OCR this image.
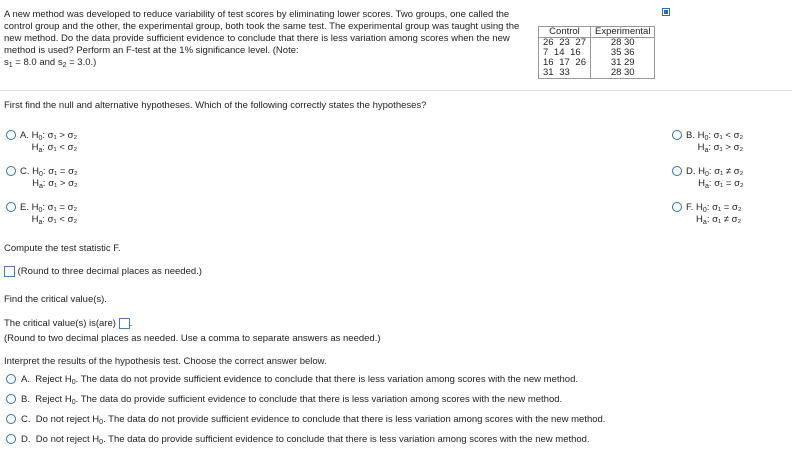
A new method was developed to reduce variability of test scores by eliminating lower scores. Two groups, one called the control group and the other, the experimental group, both took the same test. The experimental group was taught using the new method. Do the data provide sufficient evidence to conclude that there is less variation among scores when the new method is used? Perform an F-test at the 1% significance level. (Note:
$s_1 = 8.0$ and $s_2 = 3.0$.)
Control	Experimental
26 23 27	28 30
7 14 16	35 36
16 17 26	31 29
31 33	28 30
First find the null and alternative hypotheses. Which of the following correctly states the hypotheses?
A. $H_0$: σ₁ > σ₂
$H_a$: σ₁ < σ₂
B. $H_0$: σ₁ < σ₂
$H_a$: σ₁ > σ₂
C. $H_0$: σ₁ = σ₂
$H_a$: σ₁ > σ₂
D. $H_0$: σ₁ ≠ σ₂
$H_a$: σ₁ = σ₂
E. $H_0$: σ₁ = σ₂
$H_a$: σ₁ < σ₂
F. $H_0$: σ₁ = σ₂
$H_a$: σ₁ ≠ σ₂
Compute the test statistic F.
(Round to three decimal places as needed.)
Find the critical value(s).
The critical value(s) is(are) .
(Round to two decimal places as needed. Use a comma to separate answers as needed.)
Interpret the results of the hypothesis test. Choose the correct answer below.
A. Reject $H_0$. The data do not provide sufficient evidence to conclude that there is less variation among scores with the new method.
B. Reject $H_0$. The data do provide sufficient evidence to conclude that there is less variation among scores with the new method.
C. Do not reject $H_0$. The data do not provide sufficient evidence to conclude that there is less variation among scores with the new method.
D. Do not reject $H_0$. The data do provide sufficient evidence to conclude that there is less variation among scores with the new method.
